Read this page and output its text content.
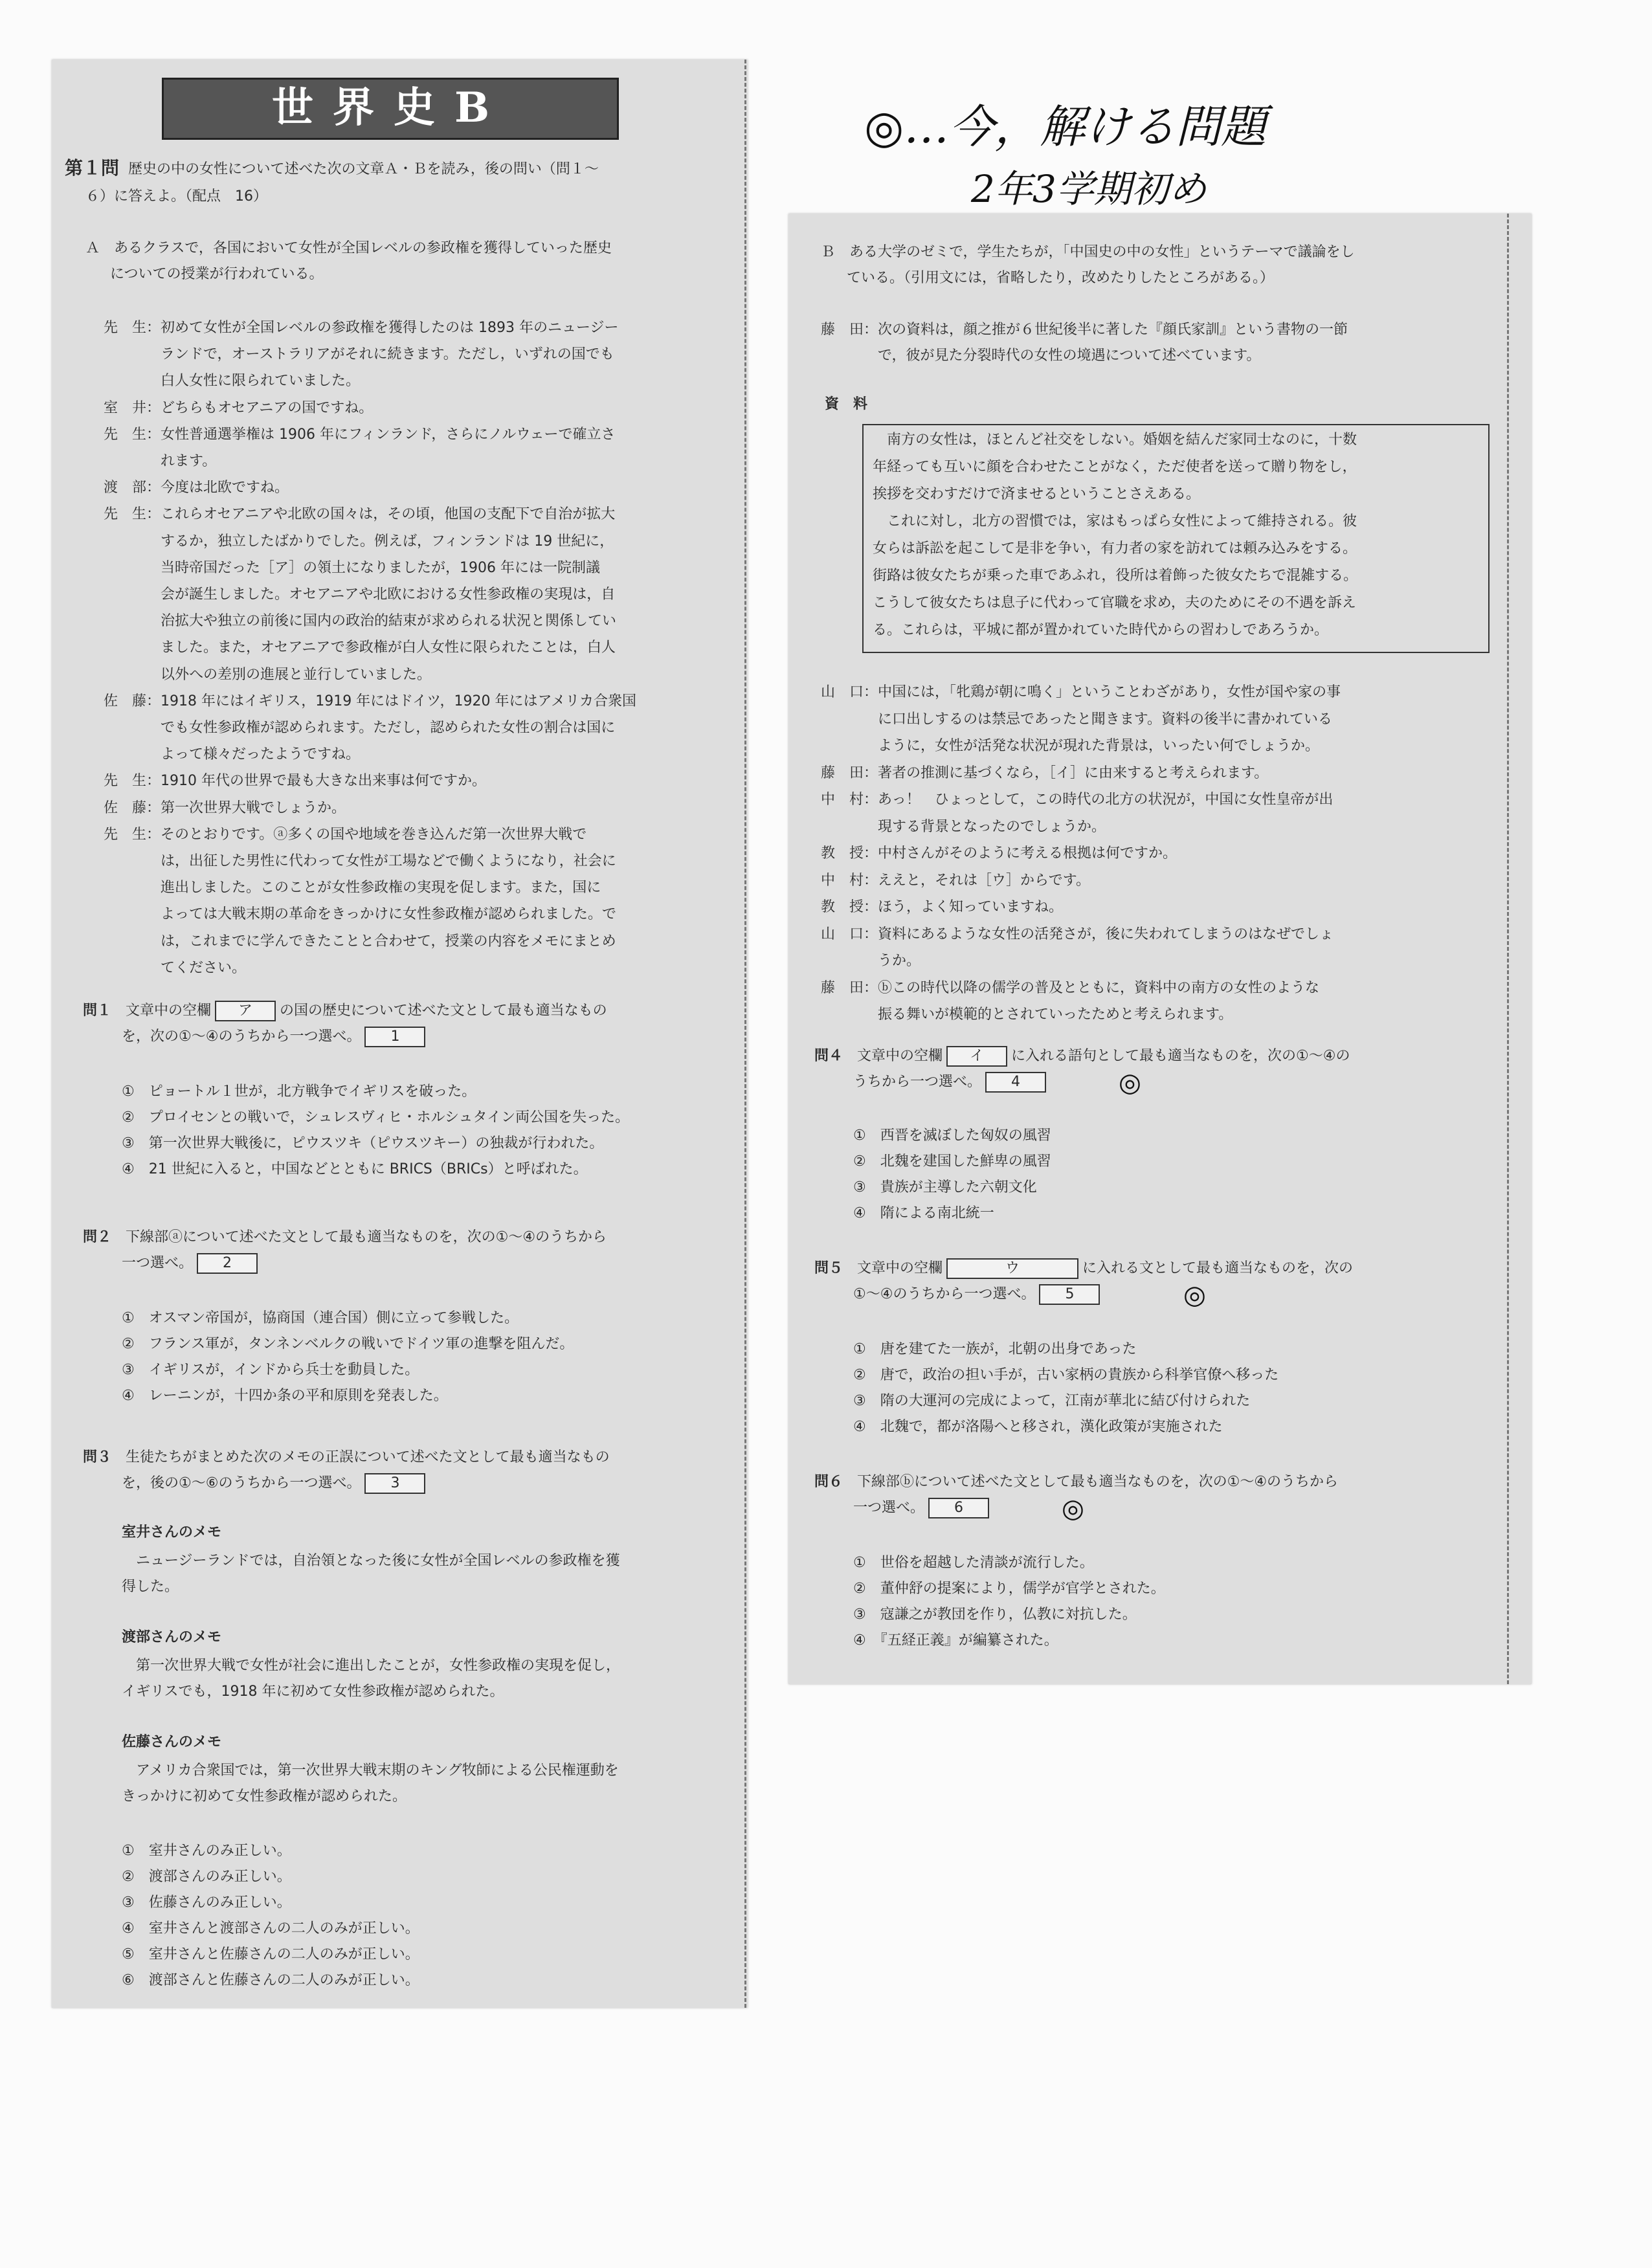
◎…今，解ける問題
2年3学期初め
世界史B
第１問 歴史の中の女性について述べた次の文章Ａ・Ｂを読み，後の問い（問１～
６）に答えよ。（配点　16）
Ａ　あるクラスで，各国において女性が全国レベルの参政権を獲得していった歴史
についての授業が行われている。
先　生：初めて女性が全国レベルの参政権を獲得したのは 1893 年のニュージー
　　　　ランドで，オーストラリアがそれに続きます。ただし，いずれの国でも
　　　　白人女性に限られていました。
室　井：どちらもオセアニアの国ですね。
先　生：女性普通選挙権は 1906 年にフィンランド，さらにノルウェーで確立さ
　　　　れます。
渡　部：今度は北欧ですね。
先　生：これらオセアニアや北欧の国々は，その頃，他国の支配下で自治が拡大
　　　　するか，独立したばかりでした。例えば，フィンランドは 19 世紀に，
　　　　当時帝国だった［ア］の領土になりましたが，1906 年には一院制議
　　　　会が誕生しました。オセアニアや北欧における女性参政権の実現は，自
　　　　治拡大や独立の前後に国内の政治的結束が求められる状況と関係してい
　　　　ました。また，オセアニアで参政権が白人女性に限られたことは，白人
　　　　以外への差別の進展と並行していました。
佐　藤：1918 年にはイギリス，1919 年にはドイツ，1920 年にはアメリカ合衆国
　　　　でも女性参政権が認められます。ただし，認められた女性の割合は国に
　　　　よって様々だったようですね。
先　生：1910 年代の世界で最も大きな出来事は何ですか。
佐　藤：第一次世界大戦でしょうか。
先　生：そのとおりです。ⓐ多くの国や地域を巻き込んだ第一次世界大戦で
　　　　は，出征した男性に代わって女性が工場などで働くようになり，社会に
　　　　進出しました。このことが女性参政権の実現を促します。また，国に
　　　　よっては大戦末期の革命をきっかけに女性参政権が認められました。で
　　　　は，これまでに学んできたことと合わせて，授業の内容をメモにまとめ
　　　　てください。
問１　 文章中の空欄 ア の国の歴史について述べた文として最も適当なもの
を，次の①～④のうちから一つ選べ。 1
①　ピョートル１世が，北方戦争でイギリスを破った。
②　プロイセンとの戦いで，シュレスヴィヒ・ホルシュタイン両公国を失った。
③　第一次世界大戦後に，ピウスツキ（ピウスツキー）の独裁が行われた。
④　21 世紀に入ると，中国などとともに BRICS（BRICs）と呼ばれた。
問２　 下線部ⓐについて述べた文として最も適当なものを，次の①～④のうちから
一つ選べ。 2
①　オスマン帝国が，協商国（連合国）側に立って参戦した。
②　フランス軍が，タンネンベルクの戦いでドイツ軍の進撃を阻んだ。
③　イギリスが，インドから兵士を動員した。
④　レーニンが，十四か条の平和原則を発表した。
問３　 生徒たちがまとめた次のメモの正誤について述べた文として最も適当なもの
を，後の①～⑥のうちから一つ選べ。 3
室井さんのメモ
ニュージーランドでは，自治領となった後に女性が全国レベルの参政権を獲
得した。
渡部さんのメモ
第一次世界大戦で女性が社会に進出したことが，女性参政権の実現を促し，
イギリスでも，1918 年に初めて女性参政権が認められた。
佐藤さんのメモ
アメリカ合衆国では，第一次世界大戦末期のキング牧師による公民権運動を
きっかけに初めて女性参政権が認められた。
①　室井さんのみ正しい。
②　渡部さんのみ正しい。
③　佐藤さんのみ正しい。
④　室井さんと渡部さんの二人のみが正しい。
⑤　室井さんと佐藤さんの二人のみが正しい。
⑥　渡部さんと佐藤さんの二人のみが正しい。
Ｂ　ある大学のゼミで，学生たちが，「中国史の中の女性」というテーマで議論をし
ている。（引用文には，省略したり，改めたりしたところがある。）
藤　田：次の資料は，顔之推が６世紀後半に著した『顔氏家訓』という書物の一節
　　　　で，彼が見た分裂時代の女性の境遇について述べています。
資　料
　南方の女性は，ほとんど社交をしない。婚姻を結んだ家同士なのに，十数
年経っても互いに顔を合わせたことがなく，ただ使者を送って贈り物をし，
挨拶を交わすだけで済ませるということさえある。
　これに対し，北方の習慣では，家はもっぱら女性によって維持される。彼
女らは訴訟を起こして是非を争い，有力者の家を訪れては頼み込みをする。
街路は彼女たちが乗った車であふれ，役所は着飾った彼女たちで混雑する。
こうして彼女たちは息子に代わって官職を求め，夫のためにその不遇を訴え
る。これらは，平城に都が置かれていた時代からの習わしであろうか。
山　口：中国には，「牝鶏が朝に鳴く」ということわざがあり，女性が国や家の事
　　　　に口出しするのは禁忌であったと聞きます。資料の後半に書かれている
　　　　ように，女性が活発な状況が現れた背景は，いったい何でしょうか。
藤　田：著者の推測に基づくなら，［イ］に由来すると考えられます。
中　村：あっ！　ひょっとして，この時代の北方の状況が，中国に女性皇帝が出
　　　　現する背景となったのでしょうか。
教　授：中村さんがそのように考える根拠は何ですか。
中　村：ええと，それは［ウ］からです。
教　授：ほう，よく知っていますね。
山　口：資料にあるような女性の活発さが，後に失われてしまうのはなぜでしょ
　　　　うか。
藤　田：ⓑこの時代以降の儒学の普及とともに，資料中の南方の女性のような
　　　　振る舞いが模範的とされていったためと考えられます。
問４　 文章中の空欄 イ に入れる語句として最も適当なものを，次の①～④の
うちから一つ選べ。 4
①　西晋を滅ぼした匈奴の風習
②　北魏を建国した鮮卑の風習
③　貴族が主導した六朝文化
④　隋による南北統一
問５　 文章中の空欄	ウ	に入れる文として最も適当なものを，次の
①～④のうちから一つ選べ。 5
①　唐を建てた一族が，北朝の出身であった
②　唐で，政治の担い手が，古い家柄の貴族から科挙官僚へ移った
③　隋の大運河の完成によって，江南が華北に結び付けられた
④　北魏で，都が洛陽へと移され，漢化政策が実施された
問６　 下線部ⓑについて述べた文として最も適当なものを，次の①～④のうちから
一つ選べ。 6
①　世俗を超越した清談が流行した。
②　董仲舒の提案により，儒学が官学とされた。
③　寇謙之が教団を作り，仏教に対抗した。
④　『五経正義』が編纂された。
◎
◎
◎
